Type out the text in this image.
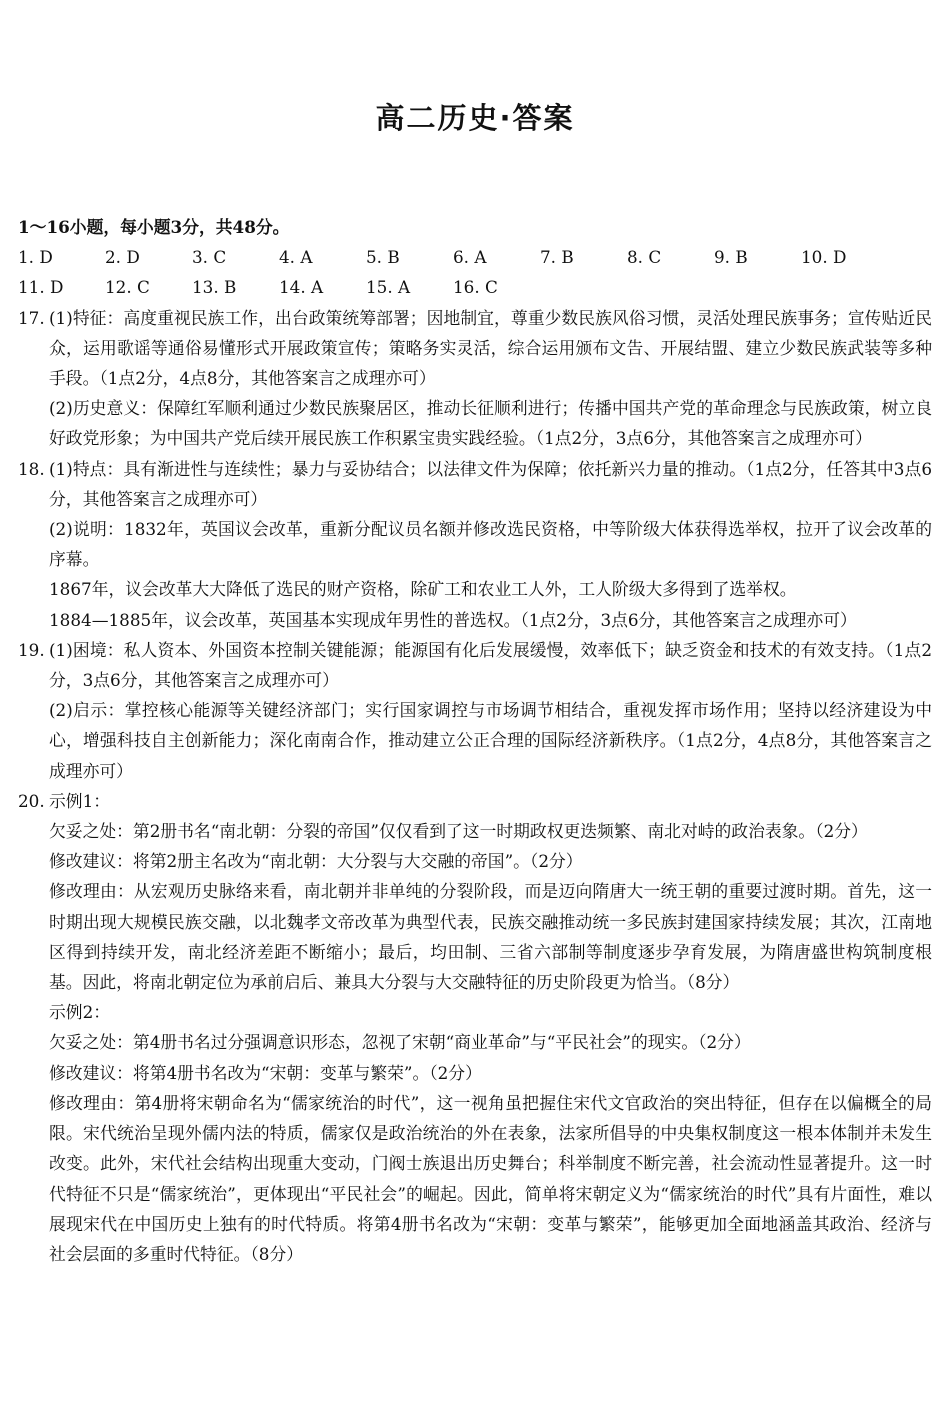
高二历史·答案

1～16小题，每小题3分，共48分。

1. D	2. D	3. C	4. A	5. B	6. A	7. B	8. C	9. B	10. D
11. D	12. C	13. B	14. A	15. A	16. C

17. (1)特征：高度重视民族工作，出台政策统筹部署；因地制宜，尊重少数民族风俗习惯，灵活处理民族事务；宣传贴近民众，运用歌谣等通俗易懂形式开展政策宣传；策略务实灵活，综合运用颁布文告、开展结盟、建立少数民族武装等多种手段。（1点2分，4点8分，其他答案言之成理亦可）

(2)历史意义：保障红军顺利通过少数民族聚居区，推动长征顺利进行；传播中国共产党的革命理念与民族政策，树立良好政党形象；为中国共产党后续开展民族工作积累宝贵实践经验。（1点2分，3点6分，其他答案言之成理亦可）

18. (1)特点：具有渐进性与连续性；暴力与妥协结合；以法律文件为保障；依托新兴力量的推动。（1点2分，任答其中3点6分，其他答案言之成理亦可）

(2)说明：1832年，英国议会改革，重新分配议员名额并修改选民资格，中等阶级大体获得选举权，拉开了议会改革的序幕。

1867年，议会改革大大降低了选民的财产资格，除矿工和农业工人外，工人阶级大多得到了选举权。

1884—1885年，议会改革，英国基本实现成年男性的普选权。（1点2分，3点6分，其他答案言之成理亦可）

19. (1)困境：私人资本、外国资本控制关键能源；能源国有化后发展缓慢，效率低下；缺乏资金和技术的有效支持。（1点2分，3点6分，其他答案言之成理亦可）

(2)启示：掌控核心能源等关键经济部门；实行国家调控与市场调节相结合，重视发挥市场作用；坚持以经济建设为中心，增强科技自主创新能力；深化南南合作，推动建立公正合理的国际经济新秩序。（1点2分，4点8分，其他答案言之成理亦可）

20. 示例1：

欠妥之处：第2册书名“南北朝：分裂的帝国”仅仅看到了这一时期政权更迭频繁、南北对峙的政治表象。（2分）

修改建议：将第2册主名改为“南北朝：大分裂与大交融的帝国”。（2分）

修改理由：从宏观历史脉络来看，南北朝并非单纯的分裂阶段，而是迈向隋唐大一统王朝的重要过渡时期。首先，这一时期出现大规模民族交融，以北魏孝文帝改革为典型代表，民族交融推动统一多民族封建国家持续发展；其次，江南地区得到持续开发，南北经济差距不断缩小；最后，均田制、三省六部制等制度逐步孕育发展，为隋唐盛世构筑制度根基。因此，将南北朝定位为承前启后、兼具大分裂与大交融特征的历史阶段更为恰当。（8分）

示例2：

欠妥之处：第4册书名过分强调意识形态，忽视了宋朝“商业革命”与“平民社会”的现实。（2分）

修改建议：将第4册书名改为“宋朝：变革与繁荣”。（2分）

修改理由：第4册将宋朝命名为“儒家统治的时代”，这一视角虽把握住宋代文官政治的突出特征，但存在以偏概全的局限。宋代统治呈现外儒内法的特质，儒家仅是政治统治的外在表象，法家所倡导的中央集权制度这一根本体制并未发生改变。此外，宋代社会结构出现重大变动，门阀士族退出历史舞台；科举制度不断完善，社会流动性显著提升。这一时代特征不只是“儒家统治”，更体现出“平民社会”的崛起。因此，简单将宋朝定义为“儒家统治的时代”具有片面性，难以展现宋代在中国历史上独有的时代特质。将第4册书名改为“宋朝：变革与繁荣”，能够更加全面地涵盖其政治、经济与社会层面的多重时代特征。（8分）
